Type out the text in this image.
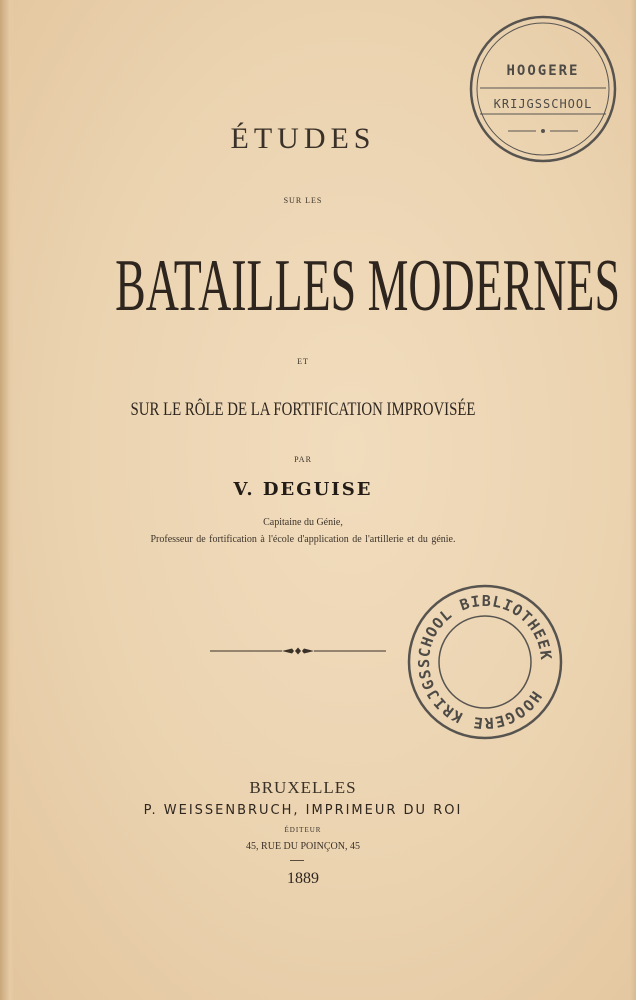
ÉTUDES
SUR LES
BATAILLES MODERNES
ET
SUR LE RÔLE DE LA FORTIFICATION IMPROVISÉE
PAR
V. DEGUISE
Capitaine du Génie,
Professeur de fortification à l'école d'application de l'artillerie et du génie.
BRUXELLES
P. WEISSENBRUCH, IMPRIMEUR DU ROI
ÉDITEUR
45, RUE DU POINÇON, 45
1889
HOOGERE
KRIJGSSCHOOL
HOOGERE KRIJGSSCHOOL BIBLIOTHEEK
